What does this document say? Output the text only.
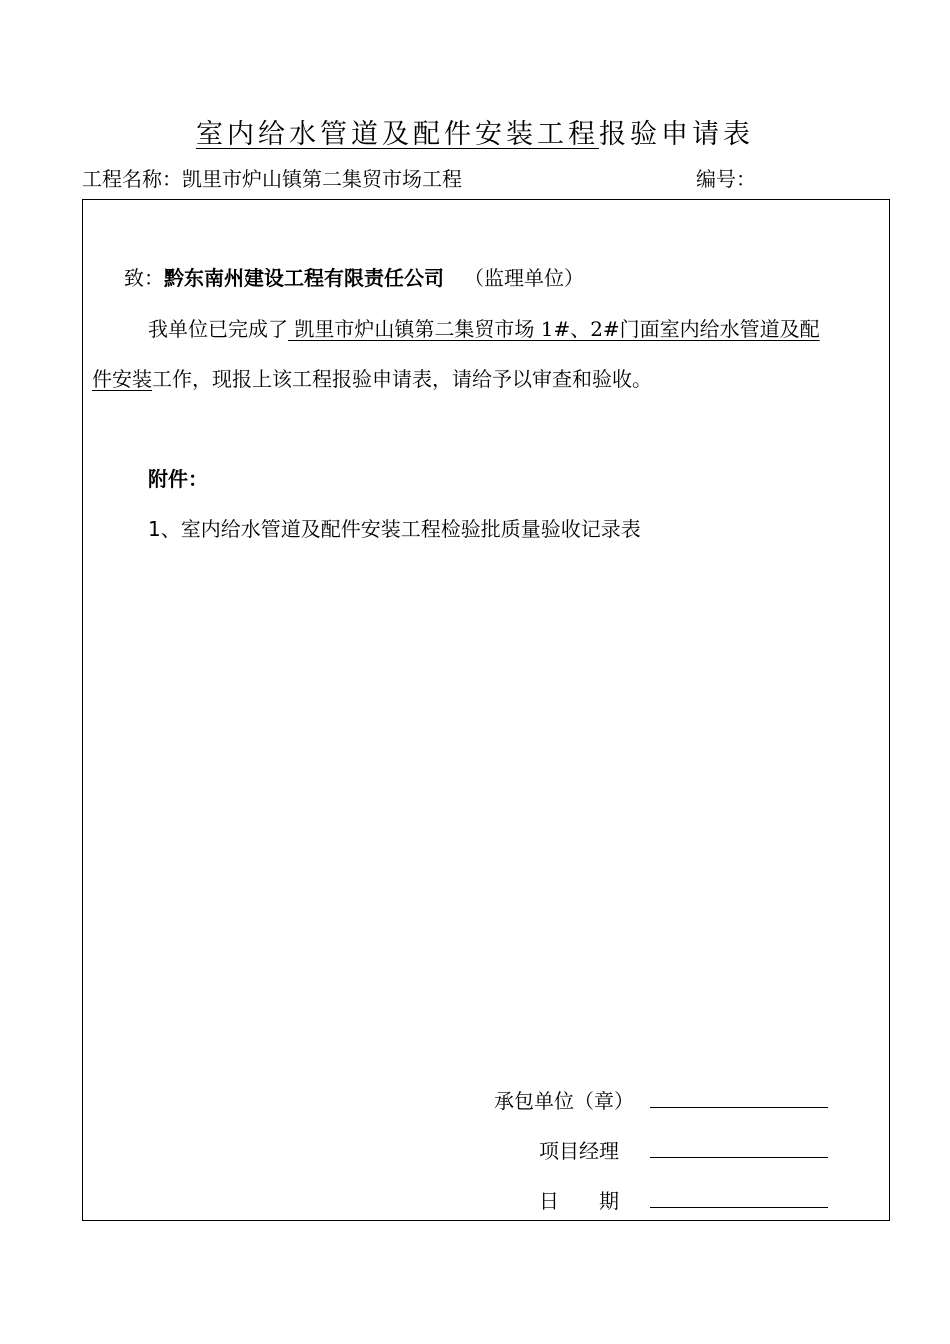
室内给水管道及配件安装工程报验申请表
工程名称：凯里市炉山镇第二集贸市场工程	编号：
致：黔东南州建设工程有限责任公司 （监理单位）
我单位已完成了 凯里市炉山镇第二集贸市场 1#、2#门面室内给水管道及配
件安装工作，现报上该工程报验申请表，请给予以审查和验收。
附件：
1、室内给水管道及配件安装工程检验批质量验收记录表
承包单位（章）
项目经理
日　　期
